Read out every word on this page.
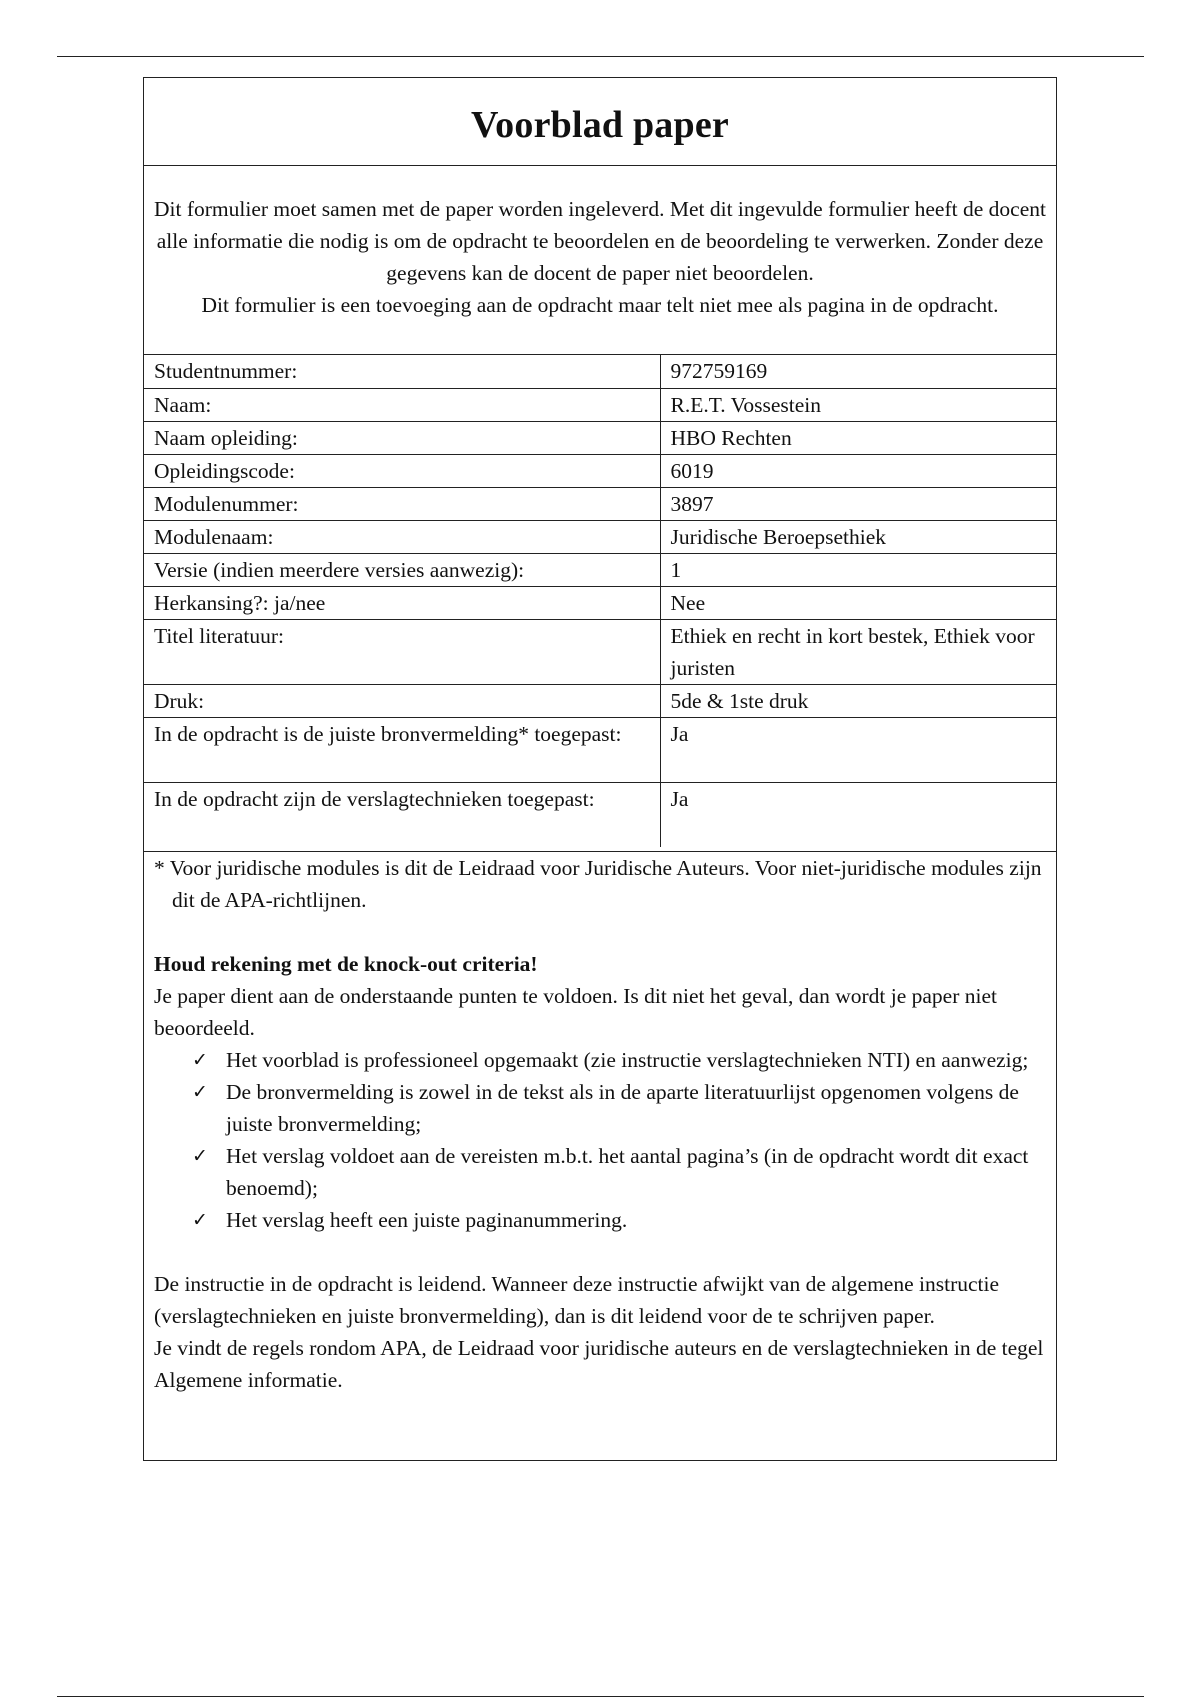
Voorblad paper

Dit formulier moet samen met de paper worden ingeleverd. Met dit ingevulde formulier heeft de docent alle informatie die nodig is om de opdracht te beoordelen en de beoordeling te verwerken. Zonder deze gegevens kan de docent de paper niet beoordelen.

Dit formulier is een toevoeging aan de opdracht maar telt niet mee als pagina in de opdracht.

Studentnummer:	972759169
Naam:	R.E.T. Vossestein
Naam opleiding:	HBO Rechten
Opleidingscode:	6019
Modulenummer:	3897
Modulenaam:	Juridische Beroepsethiek
Versie (indien meerdere versies aanwezig):	1
Herkansing?: ja/nee	Nee
Titel literatuur:	Ethiek en recht in kort bestek, Ethiek voor juristen
Druk:	5de & 1ste druk
In de opdracht is de juiste bronvermelding* toegepast:	Ja
In de opdracht zijn de verslagtechnieken toegepast:	Ja

* Voor juridische modules is dit de Leidraad voor Juridische Auteurs. Voor niet-juridische modules zijn dit de APA-richtlijnen.

Houd rekening met de knock-out criteria!

Je paper dient aan de onderstaande punten te voldoen. Is dit niet het geval, dan wordt je paper niet beoordeeld.

✓ Het voorblad is professioneel opgemaakt (zie instructie verslagtechnieken NTI) en aanwezig;
✓ De bronvermelding is zowel in de tekst als in de aparte literatuurlijst opgenomen volgens de juiste bronvermelding;
✓ Het verslag voldoet aan de vereisten m.b.t. het aantal pagina’s (in de opdracht wordt dit exact benoemd);
✓ Het verslag heeft een juiste paginanummering.

De instructie in de opdracht is leidend. Wanneer deze instructie afwijkt van de algemene instructie (verslagtechnieken en juiste bronvermelding), dan is dit leidend voor de te schrijven paper.

Je vindt de regels rondom APA, de Leidraad voor juridische auteurs en de verslagtechnieken in de tegel Algemene informatie.
